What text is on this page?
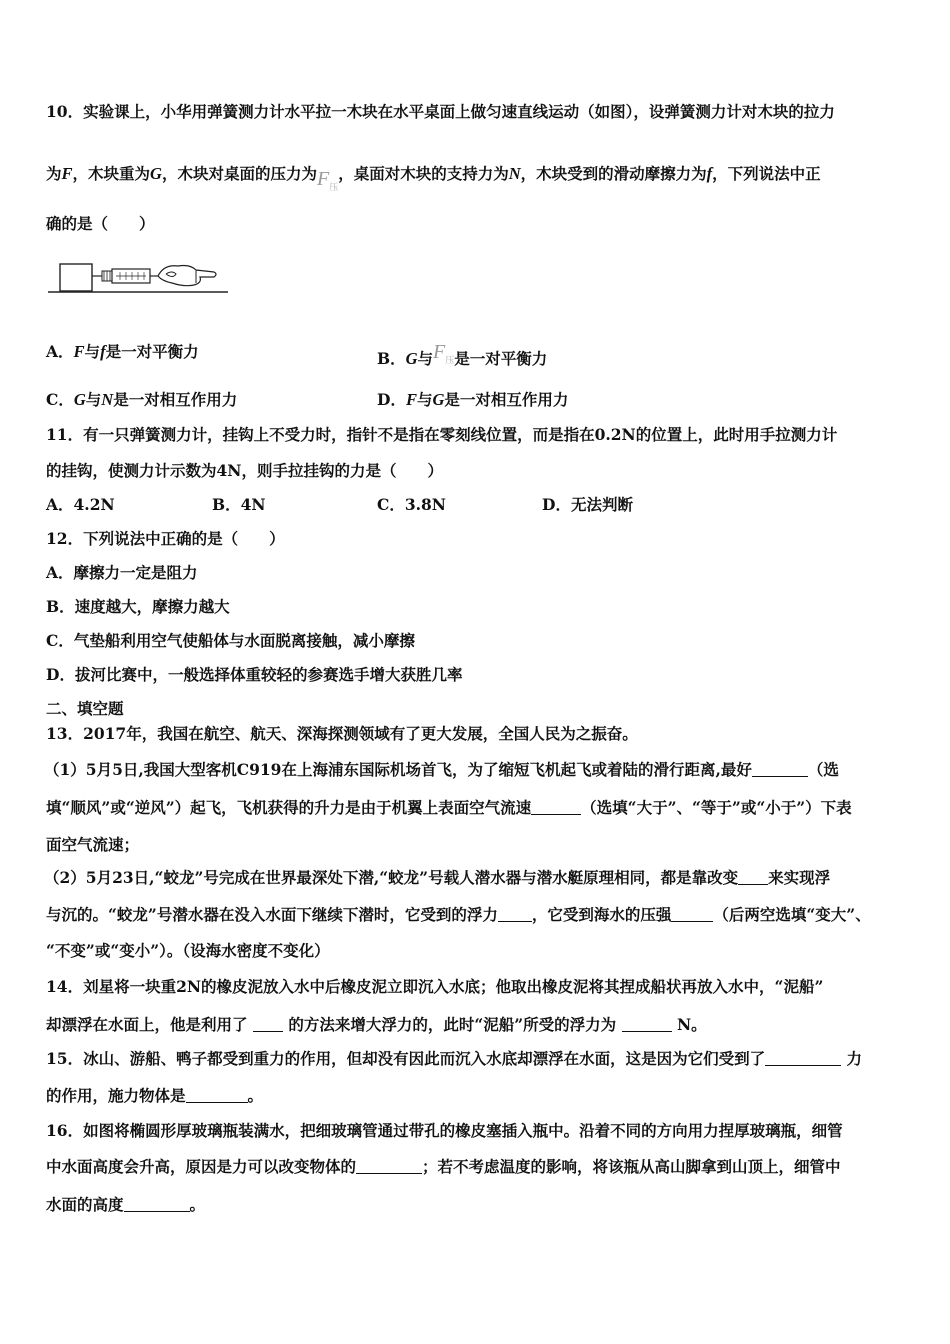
10．实验课上，小华用弹簧测力计水平拉一木块在水平桌面上做匀速直线运动（如图），设弹簧测力计对木块的拉力
为F，木块重为G，木块对桌面的压力为$F_压$，桌面对木块的支持力为N，木块受到的滑动摩擦力为f，下列说法中正
确的是（　　）
A．F与f是一对平衡力	B．G与$F_压$是一对平衡力
C．G与N是一对相互作用力	D．F与G是一对相互作用力
11．有一只弹簧测力计，挂钩上不受力时，指针不是指在零刻线位置，而是指在0.2N的位置上，此时用手拉测力计
的挂钩，使测力计示数为4N，则手拉挂钩的力是（　　）
A．4.2N	B．4N	C．3.8N	D．无法判断
12．下列说法中正确的是（　　）
A．摩擦力一定是阻力
B．速度越大，摩擦力越大
C．气垫船利用空气使船体与水面脱离接触，减小摩擦
D．拔河比赛中，一般选择体重较轻的参赛选手增大获胜几率
二、填空题
13．2017年，我国在航空、航天、深海探测领域有了更大发展，全国人民为之振奋。
（1）5月5日,我国大型客机C919在上海浦东国际机场首飞，为了缩短飞机起飞或着陆的滑行距离,最好	（选
填“顺风”或“逆风”）起飞，飞机获得的升力是由于机翼上表面空气流速	（选填“大于”、“等于”或“小于”）下表
面空气流速；
（2）5月23日,“蛟龙”号完成在世界最深处下潜,“蛟龙”号载人潜水器与潜水艇原理相同，都是靠改变 来实现浮
与沉的。“蛟龙”号潜水器在没入水面下继续下潜时，它受到的浮力 ，它受到海水的压强	（后两空选填“变大”、
“不变”或“变小”）。（设海水密度不变化）
14．刘星将一块重2N的橡皮泥放入水中后橡皮泥立即沉入水底；他取出橡皮泥将其捏成船状再放入水中，“泥船”
却漂浮在水面上，他是利用了	的方法来增大浮力的，此时“泥船”所受的浮力为	N。
15．冰山、游船、鸭子都受到重力的作用，但却没有因此而沉入水底却漂浮在水面，这是因为它们受到了	力
的作用，施力物体是	。
16．如图将椭圆形厚玻璃瓶装满水，把细玻璃管通过带孔的橡皮塞插入瓶中。沿着不同的方向用力捏厚玻璃瓶，细管
中水面高度会升高，原因是力可以改变物体的	；若不考虑温度的影响，将该瓶从高山脚拿到山顶上，细管中
水面的高度	。
